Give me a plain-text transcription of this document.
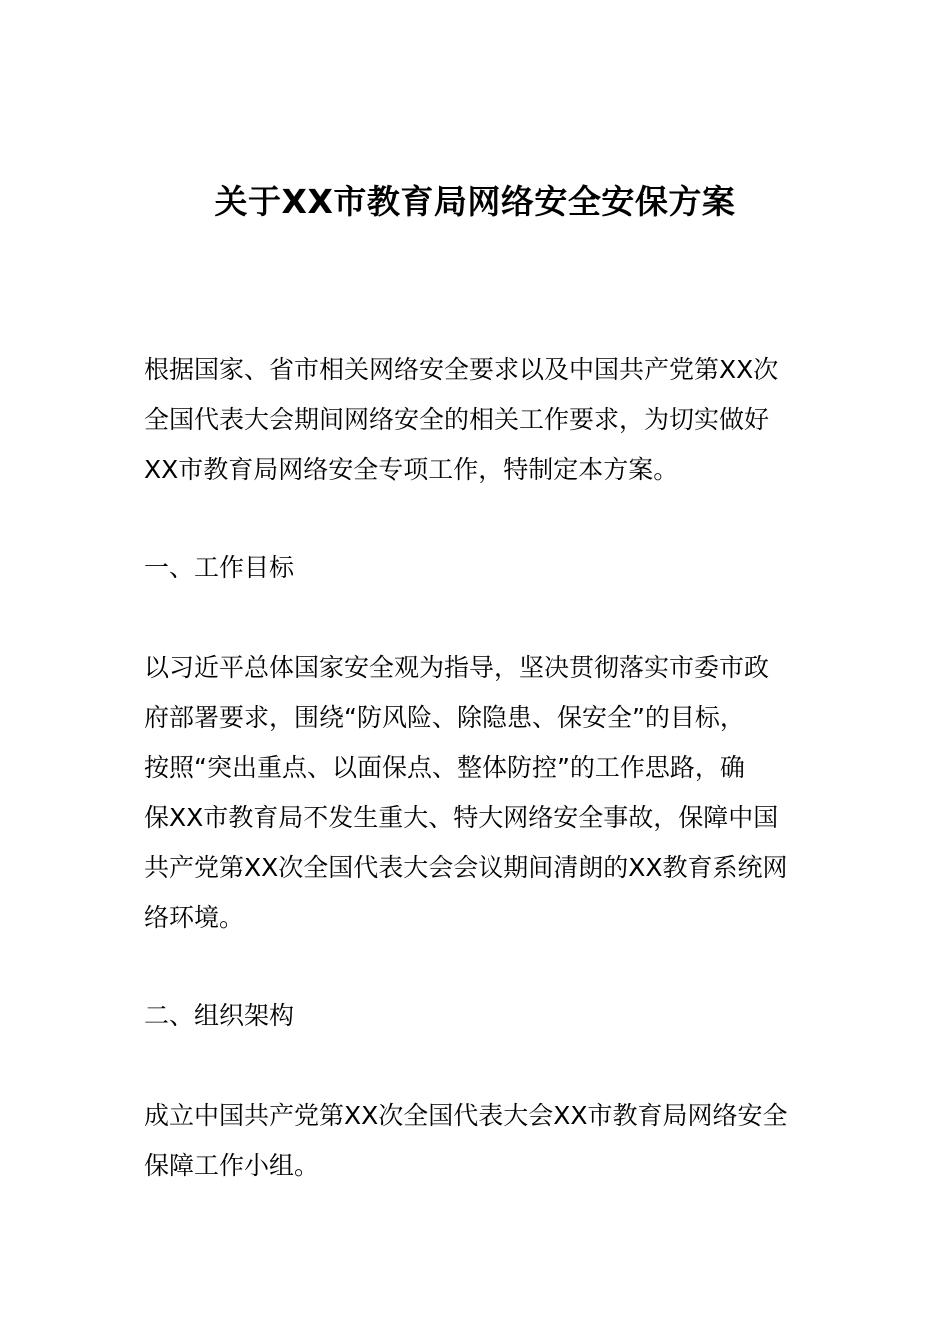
关于XX市教育局网络安全安保方案

根据国家、省市相关网络安全要求以及中国共产党第XX次
全国代表大会期间网络安全的相关工作要求，为切实做好
XX市教育局网络安全专项工作，特制定本方案。

一、工作目标

以习近平总体国家安全观为指导，坚决贯彻落实市委市政
府部署要求，围绕“防风险、除隐患、保安全”的目标，
按照“突出重点、以面保点、整体防控”的工作思路，确
保XX市教育局不发生重大、特大网络安全事故，保障中国
共产党第XX次全国代表大会会议期间清朗的XX教育系统网
络环境。

二、组织架构

成立中国共产党第XX次全国代表大会XX市教育局网络安全
保障工作小组。
